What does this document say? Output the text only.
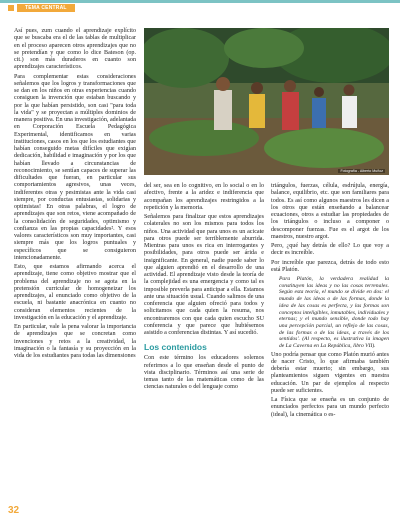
TEMA CENTRAL

Así pues, zum cuando el aprendizaje explícito que se buscaba era el de las tablas de multiplicar en el proceso aparecen otros aprendizajes que no se pretendían y que como lo dice Bateson (op. cit.) son más duraderos en cuanto son aprendizajes característicos.

Para complementar estas consideraciones señalemos que los logros y transformaciones que se dan en los niños en otras experiencias cuando consiguen la invención que estaban buscando y por la que habían persistido, son casi "para toda la vida" y se proyectan a múltiples dominios de manera positiva. En una investigación, adelantada en Corporación Escuela Pedagógica Experimental, identificamos en varias instituciones, casos en los que los estudiantes que habían conseguido metas difíciles que exigían dedicación, habilidad e imaginación y por los que habían llevado a circunstancias de reconocimiento, se sentían capaces de superar las dificultades que fueran, en particular sus comportamientos agresivos, unas veces, indiferentes otras y pesimistas ante la vida casi siempre, por conductas entusiastas, solidarias y optimistas! En otras palabras, el logro de aprendizajes que son retos, viene acompañado de la consolidación de seguridades, optimismo y confianza en las propias capacidades². Y esos valores característicos son muy importantes, casi siempre más que los logros puntuales y específicos que se consiguieron intencionadamente.

Esto, que estamos afirmando acerca el aprendizaje, tiene como objetivo mostrar que el problema del aprendizaje no se agota en la pretensión curricular de homogeneizar los aprendizajes, al enunciado como objetivo de la escuela, ni bastante anacrónica en cuanto no consideran elementos recientes de la investigación en la educación y el aprendizaje.

En particular, vale la pena valorar la importancia de aprendizajes que se concretan como invenciones y retos a la creatividad, la imaginación o la fantasía y su proyección en la vida de los estudiantes para todas las dimensiones

Fotografía - Alberto Muñoz

del ser, sea en lo cognitivo, en lo social o en lo afectivo, frente a la aridez e indiferencia que acompañan los aprendizajes restringidos a la repetición y la memoria.

Señalemos para finalizar que estos aprendizajes colaterales no son los mismos para todos los niños. Una actividad que para unos es un acicate para otros puede ser terriblemente aburrida. Mientras para unos es rica en interrogantes y posibilidades, para otros puede ser árida e insignificante. En general, nadie puede saber lo que alguien aprendió en el desarrollo de una actividad. El aprendizaje visto desde la teoría de la complejidad es una emergencia y como tal es imposible preverla para anticipar a ella. Estamos ante una situación usual. Cuando salimos de una conferencia que alguien ofreció para todos y solicitamos que cada quien la resuma, nos encontraremos con que cada quien escucho SU conferencia y que parece que hubiésemos asistido a conferencias distintas. Y así sucedió.

Los contenidos

Con este término los educadores solemos referirnos a lo que enseñan desde el punto de vista disciplinario. Términos así una serie de temas tanto de las matemáticas como de las ciencias naturales o del lenguaje como

triángulos, fuerzas, célula, esdrújula, energía, balance, equilibrio, etc. que son familiares para todos. Es así como algunos maestros les dicen a los otros que están enseñando a balancear ecuaciones, otros a estudiar las propiedades de los triángulos o incluso a componer o descomponer fuerzas. Fue es el argot de los maestros, nuestro argot.

Pero, ¿qué hay detrás de ello? Lo que voy a decir es increíble.

Por increíble que parezca, detrás de todo esto está Platón.

Para Platón, la verdadera realidad la constituyen las ideas y no las cosas terrenales. Según esta teoría, el mundo se divide en dos: el mundo de las ideas o de las formas, donde la idea de las cosas es perfecta, y las formas son conceptos inteligibles, inmutables, individuales y eternas; y el mundo sensible, donde todo hay una percepción parcial, un reflejo de las cosas, de las formas o de las ideas, a través de los sentidos'. (Al respecto, es ilustrativa la imagen de La Caverna en La República, libro VII).

Uno podría pensar que como Platón murió antes de nacer Cristo, lo que afirmaba también debería estar muerto; sin embargo, sus planteamientos siguen vigentes en nuestra educación. Un par de ejemplos al respecto puede ser suficientes.

La Física que se enseña es un conjunto de enunciados perfectos para un mundo perfecto (ideal), la cinemática o es-

32
